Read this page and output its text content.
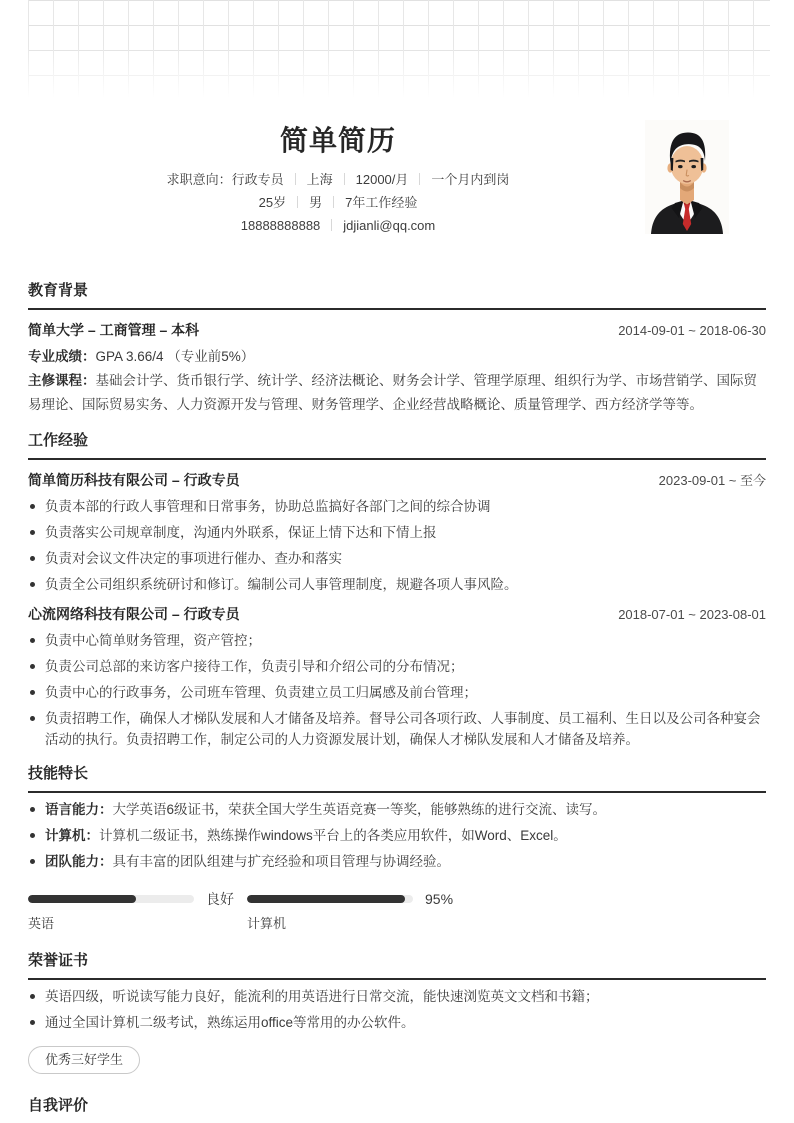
简单简历
求职意向：行政专员 上海 12000/月 一个月内到岗
25岁 男 7年工作经验
18888888888 jdjianli@qq.com
教育背景
简单大学 – 工商管理 – 本科	2014-09-01 ~ 2018-06-30

专业成绩：GPA 3.66/4 （专业前5%）

主修课程：基础会计学、货币银行学、统计学、经济法概论、财务会计学、管理学原理、组织行为学、市场营销学、国际贸易理论、国际贸易实务、人力资源开发与管理、财务管理学、企业经营战略概论、质量管理学、西方经济学等等。

工作经验
简单简历科技有限公司 – 行政专员	2023-09-01 ~ 至今
负责本部的行政人事管理和日常事务，协助总监搞好各部门之间的综合协调
负责落实公司规章制度，沟通内外联系，保证上情下达和下情上报
负责对会议文件决定的事项进行催办、查办和落实
负责全公司组织系统研讨和修订。编制公司人事管理制度，规避各项人事风险。
心流网络科技有限公司 – 行政专员	2018-07-01 ~ 2023-08-01
负责中心简单财务管理，资产管控；
负责公司总部的来访客户接待工作，负责引导和介绍公司的分布情况；
负责中心的行政事务，公司班车管理、负责建立员工归属感及前台管理；
负责招聘工作，确保人才梯队发展和人才储备及培养。督导公司各项行政、人事制度、员工福利、生日以及公司各种宴会活动的执行。负责招聘工作，制定公司的人力资源发展计划，确保人才梯队发展和人才储备及培养。
技能特长
语言能力：大学英语6级证书，荣获全国大学生英语竞赛一等奖，能够熟练的进行交流、读写。
计算机：计算机二级证书，熟练操作windows平台上的各类应用软件，如Word、Excel。
团队能力：具有丰富的团队组建与扩充经验和项目管理与协调经验。
良好
英语
95%
计算机
荣誉证书
英语四级，听说读写能力良好，能流利的用英语进行日常交流，能快速浏览英文文档和书籍；
通过全国计算机二级考试，熟练运用office等常用的办公软件。
优秀三好学生
自我评价
